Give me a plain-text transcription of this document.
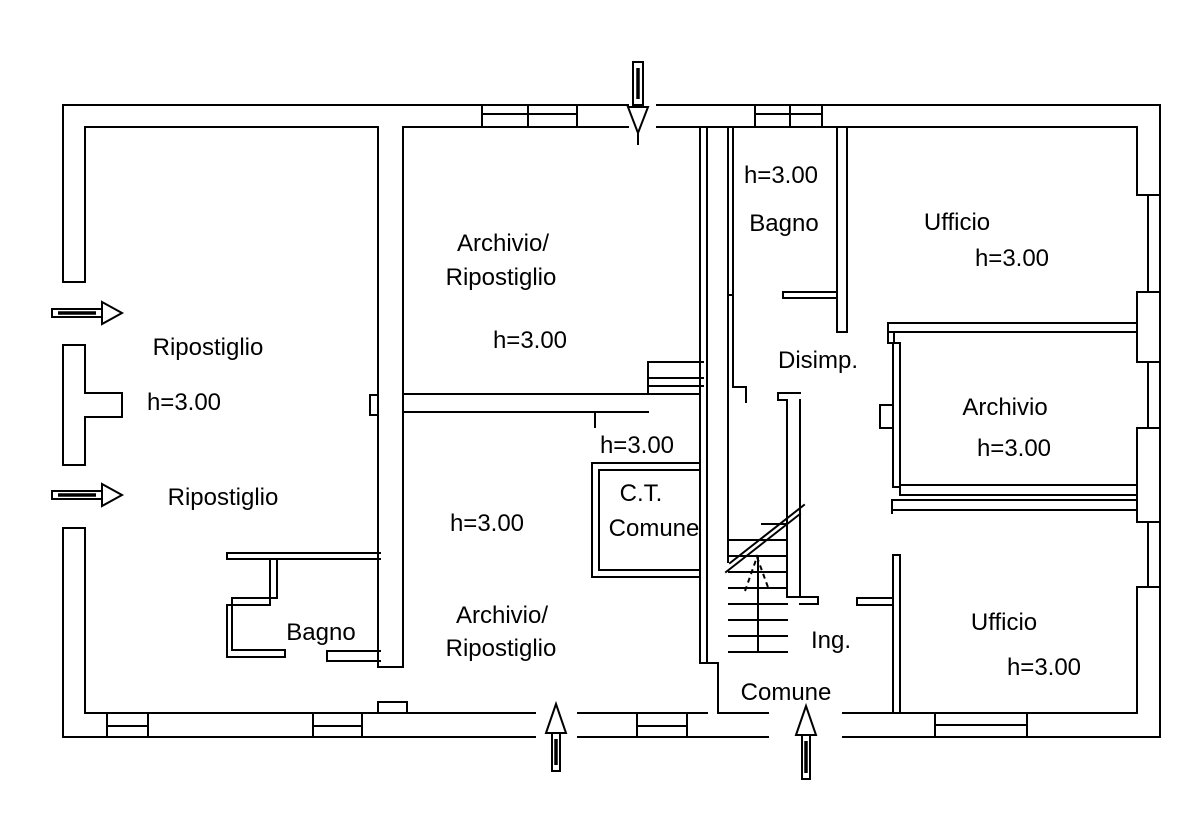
Ripostiglio
h=3.00
Ripostiglio
Archivio/
Ripostiglio
h=3.00
h=3.00
Archivio/
Ripostiglio
h=3.00
C.T.
Comune
Bagno
h=3.00
Bagno	Ufficio
h=3.00
Disimp.
Archivio
h=3.00
Ufficio
h=3.00
Ing.
Comune
